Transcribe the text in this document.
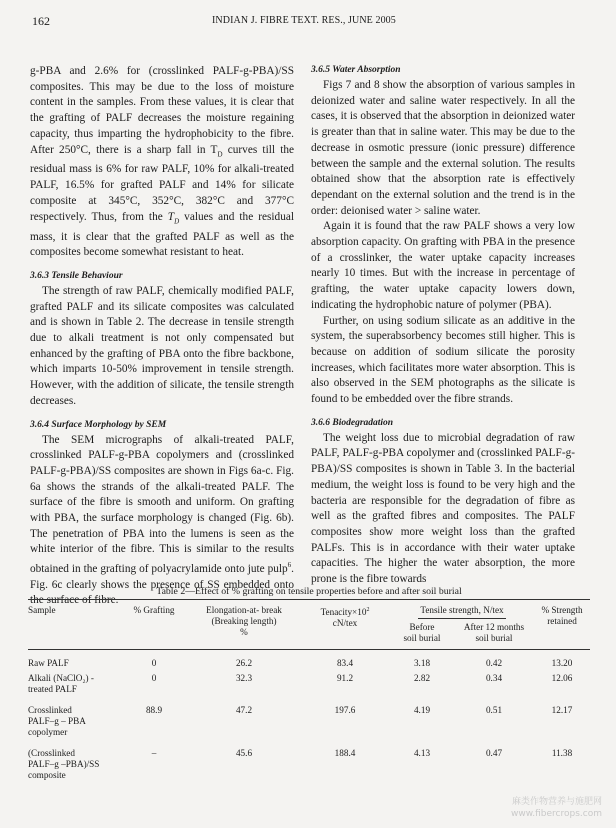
162	INDIAN J. FIBRE TEXT. RES., JUNE 2005

g-PBA and 2.6% for (crosslinked PALF-g-PBA)/SS composites. This may be due to the loss of moisture content in the samples. From these values, it is clear that the grafting of PALF decreases the moisture regaining capacity, thus imparting the hydrophobicity to the fibre. After 250°C, there is a sharp fall in $T_D$ curves till the residual mass is 6% for raw PALF, 10% for alkali-treated PALF, 16.5% for grafted PALF and 14% for silicate composite at 345°C, 352°C, 382°C and 377°C respectively. Thus, from the $T_D$ values and the residual mass, it is clear that the grafted PALF as well as the composites become somewhat resistant to heat.

3.6.3 Tensile Behaviour

The strength of raw PALF, chemically modified PALF, grafted PALF and its silicate composites was calculated and is shown in Table 2. The decrease in tensile strength due to alkali treatment is not only compensated but enhanced by the grafting of PBA onto the fibre backbone, which imparts 10-50% improvement in tensile strength. However, with the addition of silicate, the tensile strength decreases.

3.6.4 Surface Morphology by SEM

The SEM micrographs of alkali-treated PALF, crosslinked PALF-g-PBA copolymers and (crosslinked PALF-g-PBA)/SS composites are shown in Figs 6a-c. Fig. 6a shows the strands of the alkali-treated PALF. The surface of the fibre is smooth and uniform. On grafting with PBA, the surface morphology is changed (Fig. 6b). The penetration of PBA into the lumens is seen as the white interior of the fibre. This is similar to the results obtained in the grafting of polyacrylamide onto jute pulp$^6$. Fig. 6c clearly shows the presence of SS embedded onto the surface of fibre.

3.6.5 Water Absorption

Figs 7 and 8 show the absorption of various samples in deionized water and saline water respectively. In all the cases, it is observed that the absorption in deionized water is greater than that in saline water. This may be due to the decrease in osmotic pressure (ionic pressure) difference between the sample and the external solution. The results obtained show that the absorption rate is effectively dependant on the external solution and the trend is in the order: deionised water > saline water.

Again it is found that the raw PALF shows a very low absorption capacity. On grafting with PBA in the presence of a crosslinker, the water uptake capacity increases nearly 10 times. But with the increase in percentage of grafting, the water uptake capacity lowers down, indicating the hydrophobic nature of polymer (PBA).

Further, on using sodium silicate as an additive in the system, the superabsorbency becomes still higher. This is because on addition of sodium silicate the porosity increases, which facilitates more water absorption. This is also observed in the SEM photographs as the silicate is found to be embedded over the fibre strands.

3.6.6 Biodegradation

The weight loss due to microbial degradation of raw PALF, PALF-g-PBA copolymer and (crosslinked PALF-g-PBA)/SS composites is shown in Table 3. In the bacterial medium, the weight loss is found to be very high and the bacteria are responsible for the degradation of fibre as well as the grafted fibres and composites. The PALF composites show more weight loss than the grafted PALFs. This is in accordance with their water uptake capacities. The higher the water absorption, the more prone is the fibre towards

Table 2—Effect of % grafting on tensile properties before and after soil burial
Sample	% Grafting	Elongation-at- break
(Breaking length)
%	$Tenacity\times 10^2$
cN/tex	Tensile strength, N/tex		% Strength
retained
				Before
soil burial	After 12 months
soil burial	

Raw PALF	0	26.2	83.4	3.18	0.42	13.20
Alkali (NaClO₂) -
treated PALF	0	32.3	91.2	2.82	0.34	12.06
Crosslinked
PALF–g – PBA
copolymer	88.9	47.2	197.6	4.19	0.51	12.17
(Crosslinked
PALF–g –PBA)/SS
composite	–	45.6	188.4	4.13	0.47	11.38
麻类作物营养与施肥网
www.fibercrops.com
